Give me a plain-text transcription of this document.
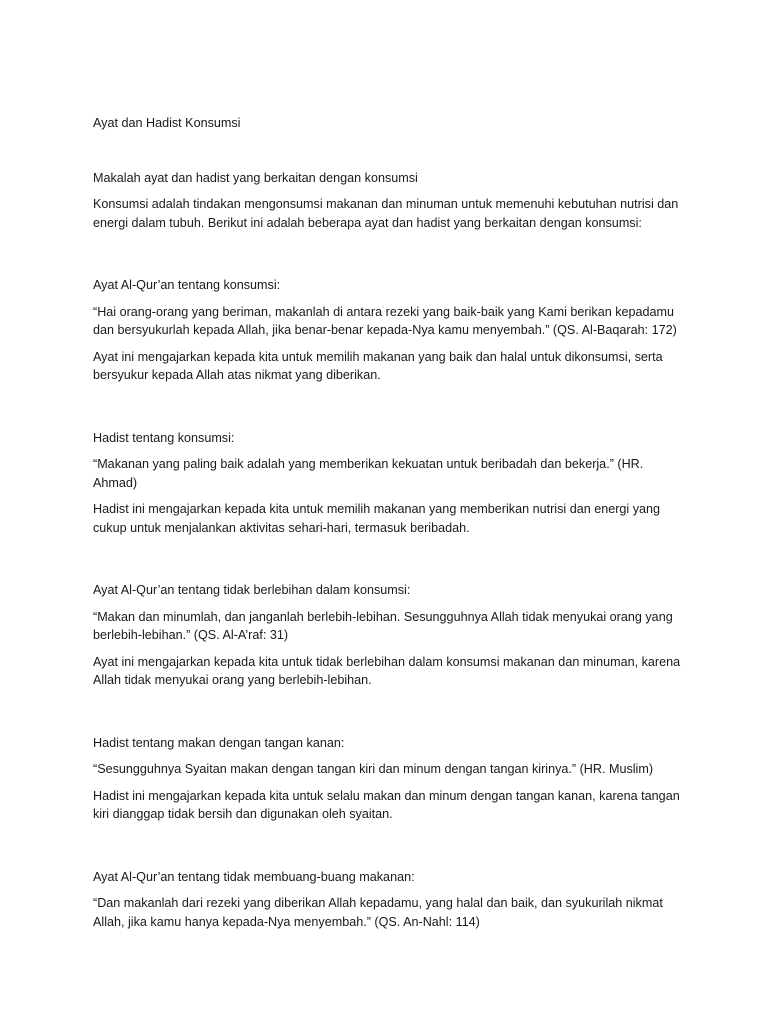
Ayat dan Hadist Konsumsi

Makalah ayat dan hadist yang berkaitan dengan konsumsi

Konsumsi adalah tindakan mengonsumsi makanan dan minuman untuk memenuhi kebutuhan nutrisi dan energi dalam tubuh. Berikut ini adalah beberapa ayat dan hadist yang berkaitan dengan konsumsi:

Ayat Al-Qur’an tentang konsumsi:

“Hai orang-orang yang beriman, makanlah di antara rezeki yang baik-baik yang Kami berikan kepadamu dan bersyukurlah kepada Allah, jika benar-benar kepada-Nya kamu menyembah.” (QS. Al-Baqarah: 172)

Ayat ini mengajarkan kepada kita untuk memilih makanan yang baik dan halal untuk dikonsumsi, serta bersyukur kepada Allah atas nikmat yang diberikan.

Hadist tentang konsumsi:

“Makanan yang paling baik adalah yang memberikan kekuatan untuk beribadah dan bekerja.” (HR. Ahmad)

Hadist ini mengajarkan kepada kita untuk memilih makanan yang memberikan nutrisi dan energi yang cukup untuk menjalankan aktivitas sehari-hari, termasuk beribadah.

Ayat Al-Qur’an tentang tidak berlebihan dalam konsumsi:

“Makan dan minumlah, dan janganlah berlebih-lebihan. Sesungguhnya Allah tidak menyukai orang yang berlebih-lebihan.” (QS. Al-A’raf: 31)

Ayat ini mengajarkan kepada kita untuk tidak berlebihan dalam konsumsi makanan dan minuman, karena Allah tidak menyukai orang yang berlebih-lebihan.

Hadist tentang makan dengan tangan kanan:

“Sesungguhnya Syaitan makan dengan tangan kiri dan minum dengan tangan kirinya.” (HR. Muslim)

Hadist ini mengajarkan kepada kita untuk selalu makan dan minum dengan tangan kanan, karena tangan kiri dianggap tidak bersih dan digunakan oleh syaitan.

Ayat Al-Qur’an tentang tidak membuang-buang makanan:

“Dan makanlah dari rezeki yang diberikan Allah kepadamu, yang halal dan baik, dan syukurilah nikmat Allah, jika kamu hanya kepada-Nya menyembah.” (QS. An-Nahl: 114)
